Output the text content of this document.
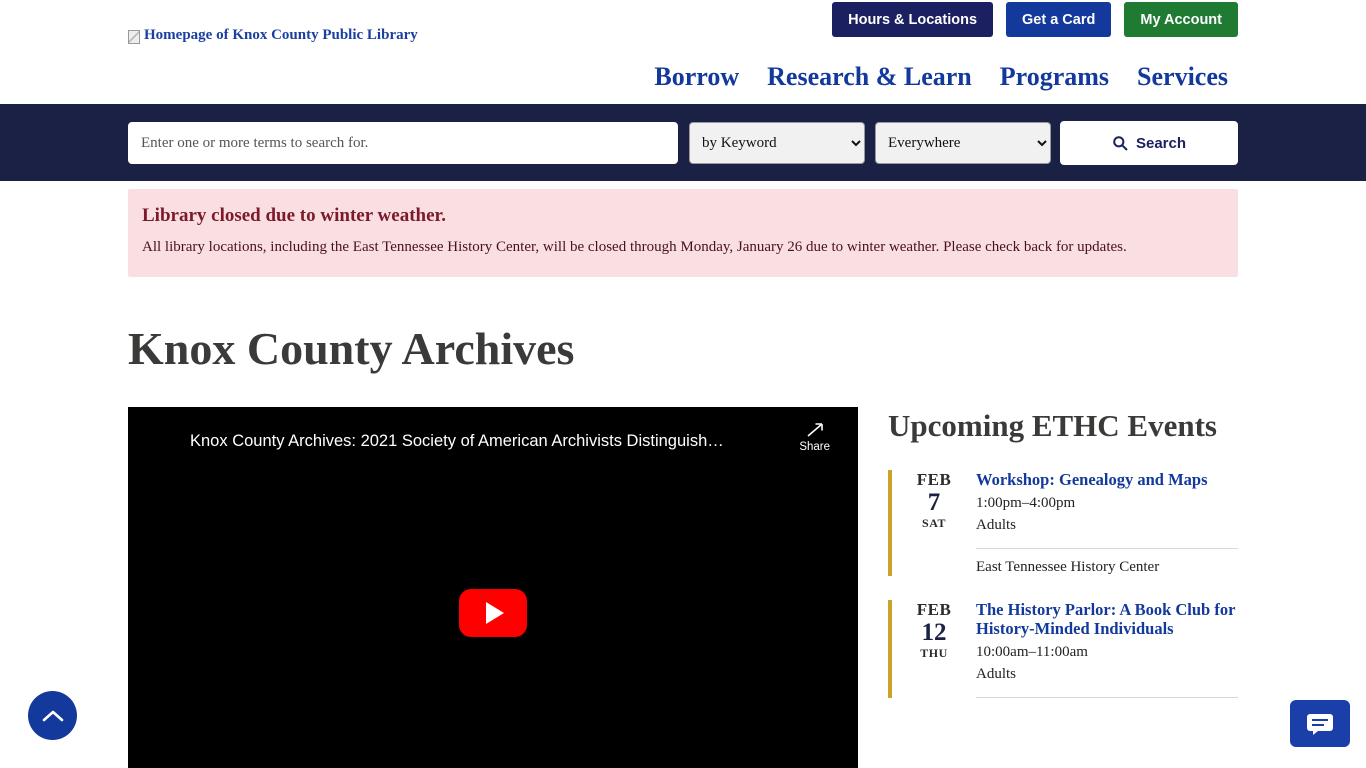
Homepage of Knox County Public Library
Hours & Locations	Get a Card	My Account
Borrow Research & Learn Programs Services
Enter one or more terms to search for.
by Keyword
Everywhere
Search

Library closed due to winter weather.

All library locations, including the East Tennessee History Center, will be closed through Monday, January 26 due to winter weather. Please check back for updates.

Knox County Archives
Knox County Archives: 2021 Society of American Archivists Distinguish…	Share
Upcoming ETHC Events
FEB
7
SAT
Workshop: Genealogy and Maps
1:00pm–4:00pm
Adults
East Tennessee History Center
FEB
12
THU
The History Parlor: A Book Club for History-Minded Individuals
10:00am–11:00am
Adults
